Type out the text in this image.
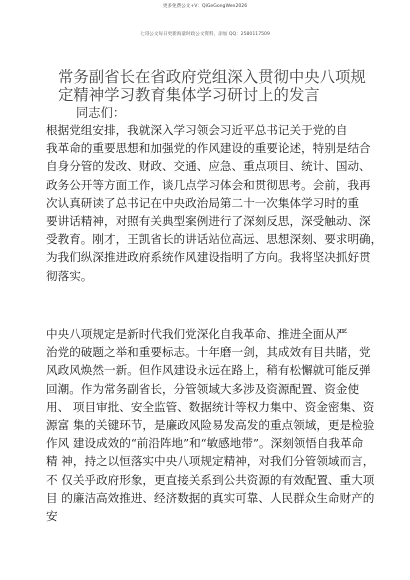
更多免费公文+V：QiGeGongWen2026
七哥公文每日更新海量时政公文资料，添加 QQ：2580117509
常务副省长在省政府党组深入贯彻中央八项规
定精神学习教育集体学习研讨上的发言
同志们：
根据党组安排，我就深入学习领会习近平总书记关于党的自
我革命的重要思想和加强党的作风建设的重要论述，特别是结合
自身分管的发改、财政、交通、应急、重点项目、统计、国动、
政务公开等方面工作，谈几点学习体会和贯彻思考。会前，我再
次认真研读了总书记在中央政治局第二十一次集体学习时的重
要讲话精神，对照有关典型案例进行了深刻反思，深受触动、深
受教育。刚才，王凯省长的讲话站位高远、思想深刻、要求明确，
为我们纵深推进政府系统作风建设指明了方向。我将坚决抓好贯
彻落实。
中央八项规定是新时代我们党深化自我革命、推进全面从严
治党的破题之举和重要标志。十年磨一剑，其成效有目共睹，党
风政风焕然一新。但作风建设永远在路上，稍有松懈就可能反弹
回潮。作为常务副省长，分管领域大多涉及资源配置、资金使
用、 项目审批、安全监管、数据统计等权力集中、资金密集、资
源富 集的关键环节，是廉政风险易发高发的重点领域，更是检验
作风 建设成效的“前沿阵地”和“敏感地带”。深刻领悟自我革命
精 神，持之以恒落实中央八项规定精神，对我们分管领域而言，
不 仅关乎政府形象，更直接关系到公共资源的有效配置、重大项
目 的廉洁高效推进、经济数据的真实可靠、人民群众生命财产的
安
